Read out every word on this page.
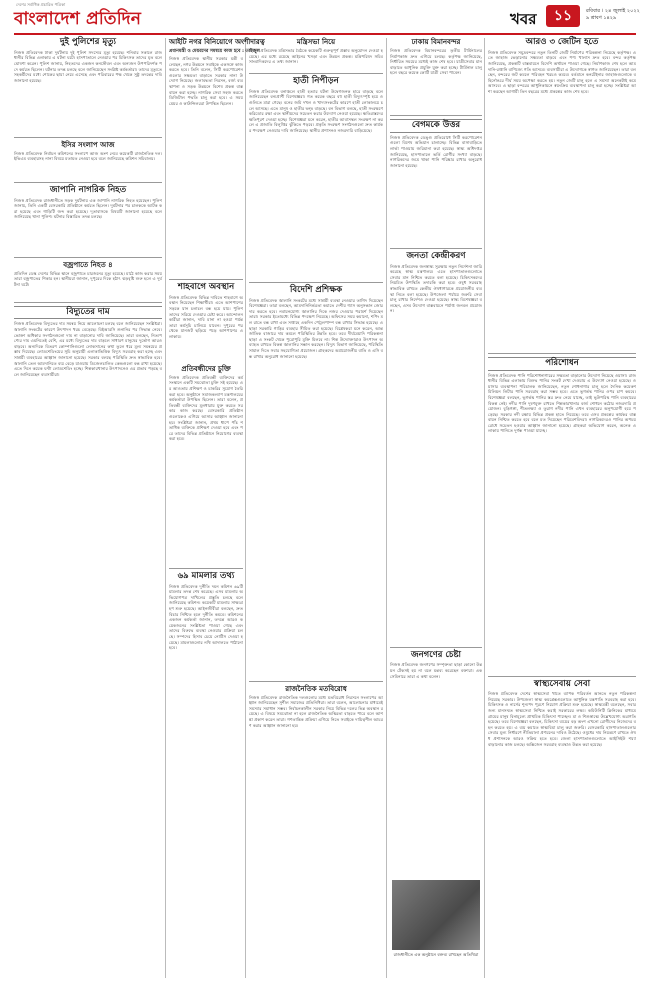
দেশের সর্বাধিক প্রচারিত পত্রিকা
বাংলাদেশ প্রতিদিন	খবর	১১	রবিবার । ২৪ জুলাই ২০২২
৯ শ্রাবণ ১৪২৯
দুই পুলিশের মৃত্যু

নিজস্ব প্রতিবেদক ঢাকা দুর্ঘটনায় দুই পুলিশ সদস্যের মৃত্যু হয়েছে। শনিবার সকালে রাজধানীর বিভিন্ন এলাকায় এ ঘটনা ঘটে। হাসপাতালে নেওয়ার পর চিকিৎসক তাদের মৃত বলে ঘোষণা করেন। পুলিশ জানায়, নিহতদের একজন কনস্টেবল এবং অন্যজন উপপরিদর্শক পদে কর্মরত ছিলেন। ঘটনার তদন্ত চলছে বলে জানিয়েছেন সংশ্লিষ্ট কর্মকর্তারা। তাদের মৃত্যুতে সহকর্মীদের মধ্যে শোকের ছায়া নেমে এসেছে এবং পরিবারের পক্ষ থেকে সুষ্ঠু তদন্তের দাবি জানানো হয়েছে।

ইসির সংলাপ আজ

নিজস্ব প্রতিবেদক নির্বাচন কমিশনের সংলাপে আজ অংশ নেবে কয়েকটি রাজনৈতিক দল। ইভিএম ব্যবহারসহ নানা বিষয়ে মতামত নেওয়া হবে বলে জানিয়েছে কমিশন সচিবালয়।

জাপানি নাগরিক নিহত

নিজস্ব প্রতিবেদক রাজধানীতে সড়ক দুর্ঘটনায় এক জাপানি নাগরিক নিহত হয়েছেন। পুলিশ জানায়, তিনি একটি বেসরকারি প্রতিষ্ঠানে কর্মরত ছিলেন। দুর্ঘটনার পর চালককে আটক করা হয়েছে এবং গাড়িটি জব্দ করা হয়েছে। দূতাবাসকে বিষয়টি জানানো হয়েছে বলে জানিয়েছে থানা পুলিশ। ঘটনার বিস্তারিত তদন্ত চলছে।

বজ্রপাতে নিহত ৪

প্রতিদিন ডেস্ক দেশের বিভিন্ন স্থানে বজ্রপাতে চারজনের মৃত্যু হয়েছে। মাঠে কাজ করার সময় তারা বজ্রপাতের শিকার হন। স্থানীয়রা জানান, দুপুরের দিকে হঠাৎ ঝড়বৃষ্টি শুরু হলে এ দুর্ঘটনা ঘটে।

বিদ্যুতের দাম

নিজস্ব প্রতিবেদক বিদ্যুতের দাম সমন্বয় নিয়ে আলোচনা চলছে বলে জানিয়েছেন সংশ্লিষ্টরা। জ্বালানি সংকটের কারণে উৎপাদন খরচ বেড়েছে। বিইআরসি শুনানির পর সিদ্ধান্ত নেবে। ভোক্তা অধিকার সংগঠনগুলো দাম না বাড়ানোর দাবি জানিয়েছে। তারা বলছেন, নিত্যপণ্যের দাম এমনিতেই বেশি, এর মধ্যে বিদ্যুতের দাম বাড়লে সাধারণ মানুষের দুর্ভোগ আরও বাড়বে। অন্যদিকে বিতরণ কোম্পানিগুলো লোকসানের কথা তুলে ধরে মূল্য সমন্বয়ের প্রস্তাব দিয়েছে। লোডশেডিংয়ের সূচি অনুযায়ী এলাকাভিত্তিক বিদ্যুৎ সরবরাহ করা হচ্ছে এবং সাশ্রয়ী ব্যবহারের আহ্বান জানানো হয়েছে। সরকার বলছে পরিস্থিতি দ্রুত স্বাভাবিক হবে। জ্বালানি তেল আমদানিতে ব্যয় বেড়ে যাওয়ায় ডিজেলচালিত কেন্দ্রগুলো বন্ধ রাখা হয়েছে। এতে দিনে কয়েক ঘণ্টা লোডশেডিং হচ্ছে। শিল্পকারখানার উৎপাদনেও এর প্রভাব পড়ছে বলে জানিয়েছেন ব্যবসায়ীরা।

আইটি নগর বিনিয়োগে অংশীদারত্ব
প্রধানমন্ত্রী ও মেয়রদের সমন্বয়ে কাজ হবে : তাইজুল

নিজস্ব প্রতিবেদক স্থানীয় সরকার মন্ত্রী বলেছেন, নগর উন্নয়নে সবাইকে একসঙ্গে কাজ করতে হবে। তিনি বলেন, সিটি করপোরেশনগুলোর সক্ষমতা বাড়াতে সরকার নানা উদ্যোগ নিয়েছে। জলাবদ্ধতা নিরসন, বর্জ্য ব্যবস্থাপনা ও সড়ক উন্নয়নে বিশেষ প্রকল্প বাস্তবায়ন করা হচ্ছে। নাগরিক সেবা সহজ করতে ডিজিটাল পদ্ধতি চালু করা হবে। এ সময় মেয়র ও কাউন্সিলররা উপস্থিত ছিলেন।

শাহবাগে অবস্থান

নিজস্ব প্রতিবেদক বিভিন্ন দাবিতে শাহবাগে অবস্থান নিয়েছেন শিক্ষার্থীরা। এতে আশপাশের সড়কে যান চলাচল বন্ধ হয়ে যায়। পুলিশ তাদের সরিয়ে দেওয়ার চেষ্টা করে। আন্দোলনকারীরা জানান, দাবি মানা না হওয়া পর্যন্ত তারা কর্মসূচি চালিয়ে যাবেন। দুপুরের পর থেকে যানজট ছড়িয়ে পড়ে আশপাশের এলাকায়।

প্রতিবন্ধীদের চুক্তি

নিজস্ব প্রতিবেদক প্রতিবন্ধী ব্যক্তিদের কর্মসংস্থানে একটি সমঝোতা চুক্তি সই হয়েছে। এর আওতায় প্রশিক্ষণ ও চাকরির সুযোগ তৈরি করা হবে। অনুষ্ঠানে সমাজকল্যাণ মন্ত্রণালয়ের কর্মকর্তারা উপস্থিত ছিলেন। তারা বলেন, প্রতিবন্ধী ব্যক্তিদের মূলধারায় যুক্ত করতে সরকার কাজ করছে। বেসরকারি প্রতিষ্ঠানগুলোকেও এগিয়ে আসার আহ্বান জানানো হয়। সংশ্লিষ্টরা জানান, প্রথম ধাপে পাঁচ শতাধিক ব্যক্তিকে প্রশিক্ষণ দেওয়া হবে এবং পরে তাদের বিভিন্ন প্রতিষ্ঠানে নিয়োগের ব্যবস্থা করা হবে।

৬৯ মামলার তথ্য

নিজস্ব প্রতিবেদক দুর্নীতি দমন কমিশন ৬৯টি মামলার তদন্ত শেষ করেছে। এসব মামলায় অভিযোগপত্র দাখিলের প্রস্তুতি চলছে বলে জানিয়েছে কমিশন। কয়েকটি মামলায় সাক্ষ্যগ্রহণ শুরু হয়েছে। আইনজীবীরা বলছেন, দ্রুত বিচার নিশ্চিত হলে দুর্নীতি কমবে। কমিশনের একজন কর্মকর্তা জানান, তদন্তে আরও কয়েকজনের সংশ্লিষ্টতা পাওয়া গেছে এবং তাদের বিরুদ্ধে ব্যবস্থা নেওয়ার প্রক্রিয়া চলছে। সম্পদের হিসাব চেয়ে নোটিস দেওয়া হয়েছে। মামলাগুলোর নথি আদালতে পাঠানো হবে।

মন্ত্রিসভা নিয়ে

নিজস্ব প্রতিবেদক মন্ত্রিসভার বৈঠকে কয়েকটি গুরুত্বপূর্ণ প্রস্তাব অনুমোদন দেওয়া হয়েছে। এর মধ্যে রয়েছে আইনের খসড়া এবং উন্নয়ন প্রকল্প। মন্ত্রিপরিষদ সচিব সাংবাদিকদের এ তথ্য জানান।

হাতী নিপীড়ন

নিজস্ব প্রতিবেদক বনাঞ্চলে হাতী হত্যার ঘটনা উদ্বেগজনক হারে বাড়ছে বলে জানিয়েছেন বন্যপ্রাণী বিশেষজ্ঞরা। গত কয়েক বছরে বহু হাতী বিদ্যুৎস্পৃষ্ট হয়ে ও গুলিতে মারা গেছে। বনের জমি দখল ও খাদ্যসংকটের কারণে হাতী লোকালয়ে চলে আসছে। এতে মানুষ ও হাতীর দ্বন্দ্ব বাড়ছে। বন বিভাগ বলছে, হাতী সংরক্ষণে করিডোর রক্ষা এবং স্থানীয়দের সচেতন করার উদ্যোগ নেওয়া হয়েছে। ক্ষতিগ্রস্তদের ক্ষতিপূরণ দেওয়া হচ্ছে। বিশেষজ্ঞরা মনে করেন, হাতীর আবাসস্থল সংরক্ষণ না করলে এ প্রজাতি বিলুপ্তির ঝুঁকিতে পড়বে। প্রকৃতি সংরক্ষণ সংগঠনগুলো দ্রুত কার্যকর পদক্ষেপ নেওয়ার দাবি জানিয়েছে। স্থানীয় প্রশাসনও নজরদারি বাড়িয়েছে।

বিদেশি প্রশিক্ষক

নিজস্ব প্রতিবেদক জ্বালানি সংকটের মধ্যে সাশ্রয়ী ব্যবস্থা নেওয়ার তাগিদ দিয়েছেন বিশেষজ্ঞরা। তারা বলছেন, আমদানিনির্ভরতা কমাতে দেশীয় গ্যাস অনুসন্ধান জোরদার করতে হবে। নবায়নযোগ্য জ্বালানির দিকে নজর দেওয়ার পরামর্শ দিয়েছেন তারা। সরকার ইতোমধ্যে বিভিন্ন পদক্ষেপ নিয়েছে। অফিসের সময় কমানো, শপিং মল রাতে বন্ধ রাখা এবং সপ্তাহে একদিন পেট্রলপাম্প বন্ধ রাখার সিদ্ধান্ত হয়েছে। এ ছাড়া সরকারি গাড়ির ব্যবহার সীমিত করা হয়েছে। বিশ্লেষকরা মনে করেন, আন্তর্জাতিক বাজারে দাম কমলে পরিস্থিতির উন্নতি হবে। তবে দীর্ঘমেয়াদি পরিকল্পনা ছাড়া এ সংকট থেকে পুরোপুরি মুক্তি মিলবে না। শিল্প উদ্যোক্তারাও উৎপাদন অব্যাহত রাখতে বিকল্প জ্বালানির সন্ধান করছেন। বিদ্যুৎ বিভাগ জানিয়েছে, পরিস্থিতি সামাল দিতে সবার সহযোগিতা প্রয়োজন। গ্রাহকদের অপ্রয়োজনীয় বাতি ও এসি বন্ধ রাখার অনুরোধ জানানো হয়েছে।

রাজনৈতিক মতবিরোধ

নিজস্ব প্রতিবেদক রাজনৈতিক দলগুলোর মধ্যে মতবিরোধ নিরসনে সংলাপের আহ্বান জানিয়েছেন সুশীল সমাজের প্রতিনিধিরা। তারা বলেন, আলোচনার মাধ্যমেই সমস্যার সমাধান সম্ভব। নির্বাচনকালীন সরকার নিয়ে বিভিন্ন দলের ভিন্ন অবস্থান রয়েছে। এ বিষয়ে সমঝোতা না হলে রাজনৈতিক অস্থিরতা বাড়তে পারে বলে আশঙ্কা প্রকাশ করেন তারা। গণতান্ত্রিক প্রক্রিয়া এগিয়ে নিতে সবাইকে দায়িত্বশীল আচরণ করার আহ্বান জানানো হয়।

ঢাকায় বিমানবন্দর

নিজস্ব প্রতিবেদক বিমানবন্দরের তৃতীয় টার্মিনালের নির্মাণকাজ দ্রুত এগিয়ে চলছে। কর্তৃপক্ষ জানিয়েছে, নির্ধারিত সময়ের মধ্যেই কাজ শেষ হবে। যাত্রীসেবার মান বাড়াতে আধুনিক প্রযুক্তি যুক্ত করা হচ্ছে। টার্মিনাল চালু হলে বছরে কয়েক কোটি যাত্রী সেবা পাবেন।

বেগমকে উত্তর

নিজস্ব প্রতিবেদক ডেঙ্গু প্রতিরোধে সিটি করপোরেশনগুলো বিশেষ অভিযান চালাচ্ছে। বিভিন্ন বাসাবাড়িতে লার্ভা পাওয়ায় জরিমানা করা হয়েছে। স্বাস্থ্য অধিদপ্তর জানিয়েছে, হাসপাতালে ভর্তি রোগীর সংখ্যা বাড়ছে। নাগরিকদের জমে থাকা পানি পরিষ্কার রাখার অনুরোধ জানানো হয়েছে।

জনতা কেন্দ্রীকরণ

নিজস্ব প্রতিবেদক জনস্বাস্থ্য সুরক্ষায় নতুন নির্দেশনা জারি করেছে স্বাস্থ্য মন্ত্রণালয়। এতে হাসপাতালগুলোতে সেবার মান নিশ্চিত করতে বলা হয়েছে। চিকিৎসকদের নিয়মিত উপস্থিতি তদারকি করা হবে। ওষুধ সরবরাহ স্বাভাবিক রাখতে কেন্দ্রীয় ঔষধাগারকে প্রয়োজনীয় ব্যবস্থা নিতে বলা হয়েছে। উপজেলা পর্যায়ে জরুরি সেবা চালু রাখার নির্দেশও দেওয়া হয়েছে। স্বাস্থ্য বিশেষজ্ঞরা বলছেন, এসব উদ্যোগ বাস্তবায়নে পর্যাপ্ত জনবল প্রয়োজন।

জনগণের চেষ্টা

নিজস্ব প্রতিবেদক জনগণের সম্পৃক্ততা ছাড়া কোনো উন্নয়ন টেকসই হয় না বলে মন্তব্য করেছেন বক্তারা। এক সেমিনারে তারা এ কথা বলেন।

আরও ৩ জেটিন হতে

নিজস্ব প্রতিবেদক সমুদ্রবন্দরে নতুন তিনটি জেটি নির্মাণের পরিকল্পনা নিয়েছে কর্তৃপক্ষ। এতে জাহাজ ভেড়ানোর সক্ষমতা বাড়বে এবং পণ্য খালাস দ্রুত হবে। বন্দর কর্তৃপক্ষ জানিয়েছে, প্রকল্পটি বাস্তবায়নে বিদেশি অর্থায়ন পাওয়া গেছে। নির্মাণকাজ শেষ হলে আমদানি-রপ্তানি বাণিজ্যে গতি আসবে। ব্যবসায়ীরা এ উদ্যোগকে স্বাগত জানিয়েছেন। তারা বলছেন, বন্দরের জট কমলে পরিবহন খরচও কমবে। বর্তমানে কনটেইনার জাহাজগুলোকে বহির্নোঙরে দীর্ঘ সময় অপেক্ষা করতে হয়। নতুন জেটি চালু হলে এ সমস্যা অনেকটাই কমে আসবে। এ ছাড়া বন্দরের আধুনিকায়নে স্বয়ংক্রিয় ব্যবস্থাপনা চালু করা হচ্ছে। সংশ্লিষ্টরা আশা করছেন আগামী তিন বছরের মধ্যে প্রকল্পের কাজ শেষ হবে।

পরিশোধন

নিজস্ব প্রতিবেদক পানি পরিশোধনাগারের সক্ষমতা বাড়ানোর উদ্যোগ নিয়েছে ওয়াসা। রাজধানীর বিভিন্ন এলাকায় বিশুদ্ধ পানির সংকট দেখা দেওয়ায় এ উদ্যোগ নেওয়া হয়েছে। ওয়াসার ব্যবস্থাপনা পরিচালক জানিয়েছেন, নতুন শোধনাগার চালু হলে দৈনিক কয়েকশ মিলিয়ন লিটার পানি সরবরাহ করা সম্ভব হবে। এতে ভূগর্ভস্থ পানির ওপর চাপ কমবে। বিশেষজ্ঞরা বলছেন, ভূগর্ভস্থ পানির স্তর দ্রুত নেমে যাচ্ছে, তাই ভূউপরিস্থ পানি ব্যবহারের বিকল্প নেই। নদীর পানি দূষণমুক্ত রাখতে শিল্পকারখানার বর্জ্য শোধনে কঠোর নজরদারি প্রয়োজন। বুড়িগঙ্গা, শীতলক্ষ্যা ও তুরাগ নদীর পানি এখন ব্যবহারের অনুপযোগী হয়ে পড়েছে। সরকার নদী রক্ষায় বিভিন্ন প্রকল্প হাতে নিয়েছে। তবে এসব প্রকল্পের কার্যকর বাস্তবায়ন নিশ্চিত করতে হবে বলে মত দিয়েছেন পরিবেশবিদরা। নাগরিকদেরও পানির অপচয় রোধে সচেতন হওয়ার আহ্বান জানানো হয়েছে। গ্রাহকরা অভিযোগ করেন, অনেক এলাকায় পানিতে দুর্গন্ধ পাওয়া যাচ্ছে।

স্বাস্থ্যসেবায় সেবা

নিজস্ব প্রতিবেদক দেশের স্বাস্থ্যসেবা খাতে ব্যাপক পরিবর্তন আনতে নতুন পরিকল্পনা নিয়েছে সরকার। উপজেলা স্বাস্থ্য কমপ্লেক্সগুলোতে আধুনিক যন্ত্রপাতি সরবরাহ করা হবে। চিকিৎসক ও নার্সের শূন্যপদ পূরণে নিয়োগ প্রক্রিয়া শুরু হয়েছে। স্বাস্থ্যমন্ত্রী বলেছেন, সবার জন্য মানসম্মত স্বাস্থ্যসেবা নিশ্চিত করাই সরকারের লক্ষ্য। কমিউনিটি ক্লিনিকের মাধ্যমে গ্রামের মানুষ বিনামূল্যে প্রাথমিক চিকিৎসা পাচ্ছেন। মা ও শিশুস্বাস্থ্যে উল্লেখযোগ্য অগ্রগতি হয়েছে। তবে বিশেষজ্ঞরা বলছেন, চিকিৎসা ব্যয়ের বড় অংশ এখনো রোগীদের নিজেদের বহন করতে হয়। এ ব্যয় কমাতে স্বাস্থ্যবিমা চালু করা জরুরি। বেসরকারি হাসপাতালগুলোর সেবার মূল্য নির্ধারণে নীতিমালা প্রণয়নের দাবিও উঠেছে। ওষুধের দাম নিয়ন্ত্রণে রাখতে ঔষধ প্রশাসনকে আরও সক্রিয় হতে হবে। জেলা হাসপাতালগুলোতে আইসিইউ শয্যা বাড়ানোর কাজ চলছে। অক্সিজেন সরবরাহ ব্যবস্থাও উন্নত করা হয়েছে।

রাজধানীতে এক অনুষ্ঠানে বক্তব্য রাখছেন অতিথিরা
